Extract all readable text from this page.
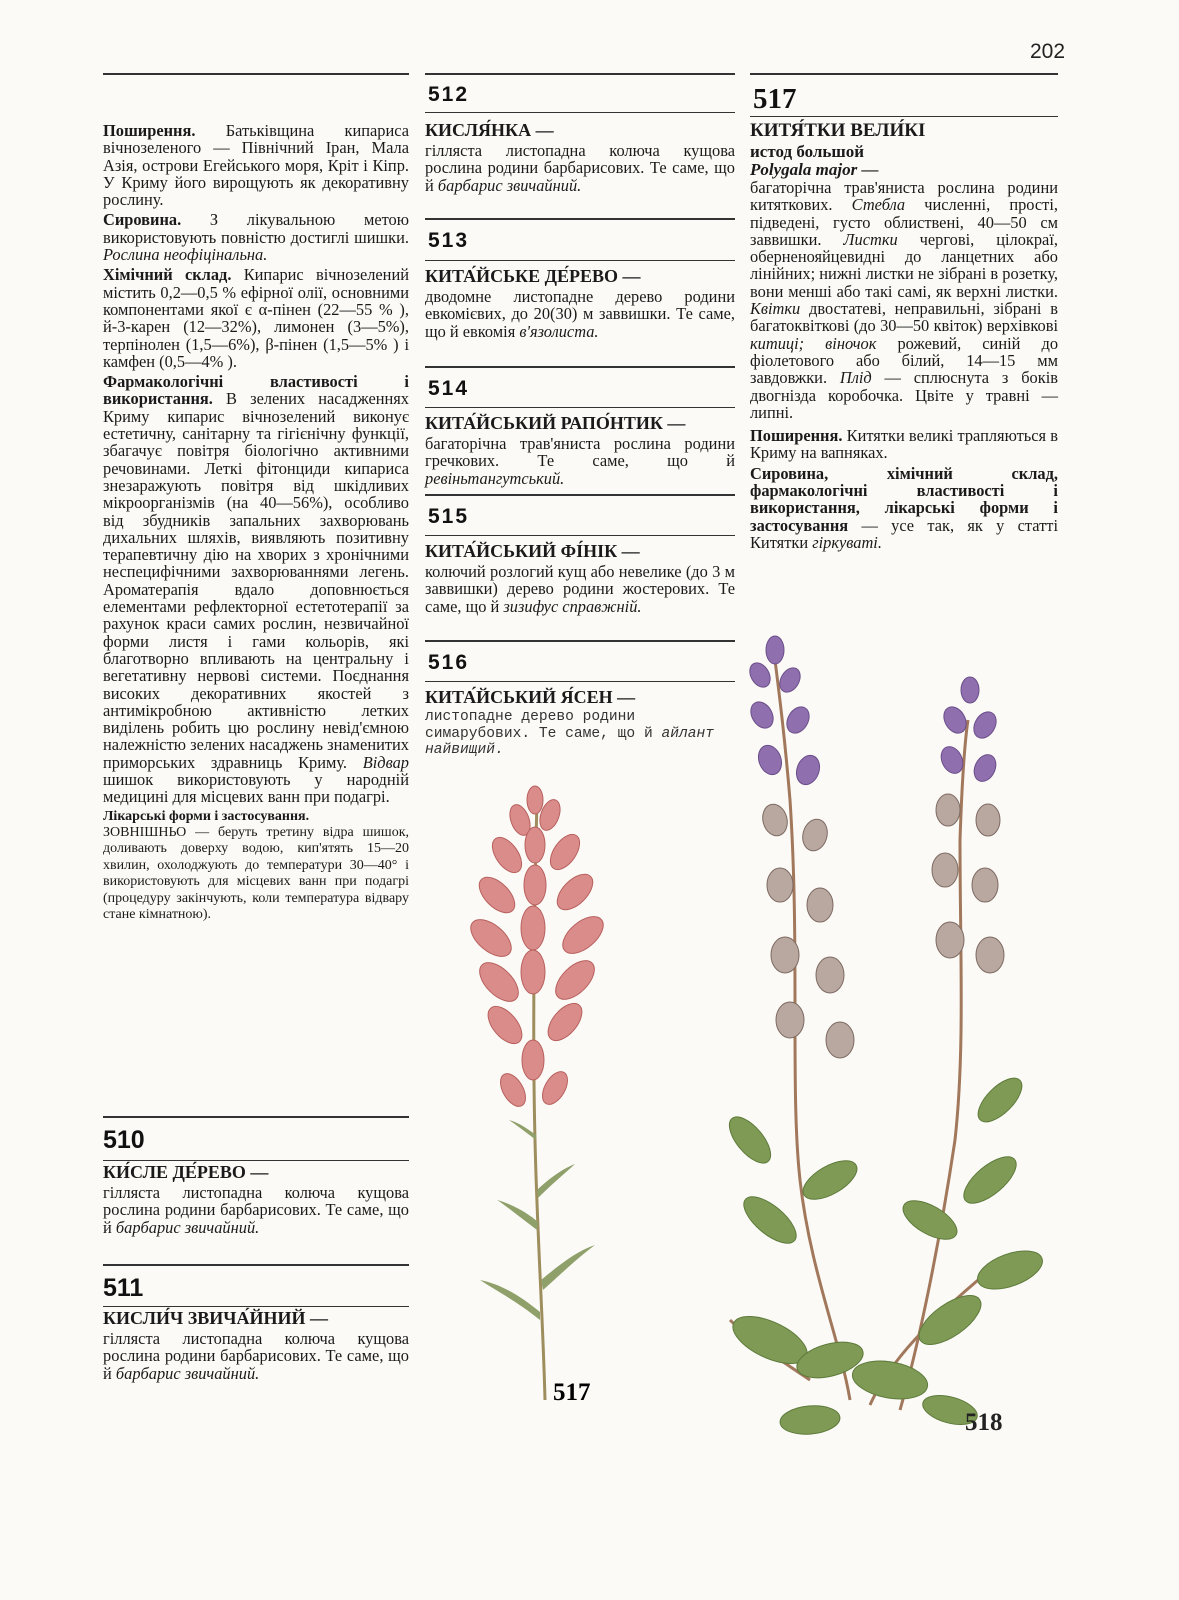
202

Поширення. Батьківщина кипариса вічнозеленого — Північний Іран, Мала Азія, острови Егейського моря, Кріт і Кіпр. У Криму його вирощують як декоративну рослину.

Сировина. З лікувальною метою використовують повністю достиглі шишки. Рослина неофіцінальна.

Хімічний склад. Кипарис вічнозелений містить 0,2—0,5 % ефірної олії, основними компонентами якої є α-пінен (22—55 % ), й-3-карен (12—32%), лимонен (3—5%), терпінолен (1,5—6%), β-пінен (1,5—5% ) і камфен (0,5—4% ).

Фармакологічні властивості і використання. В зелених насадженнях Криму кипарис вічнозелений виконує естетичну, санітарну та гігієнічну функції, збагачує повітря біологічно активними речовинами. Леткі фітонциди кипариса знезаражують повітря від шкідливих мікроорганізмів (на 40—56%), особливо від збудників запальних захворювань дихальних шляхів, виявляють позитивну терапевтичну дію на хворих з хронічними неспецифічними захворюваннями легень. Ароматерапія вдало доповнюється елементами рефлекторної естетотерапії за рахунок краси самих рослин, незвичайної форми листя і гами кольорів, які благотворно впливають на центральну і вегетативну нервові системи. Поєднання високих декоративних якостей з антимікробною активністю летких виділень робить цю рослину невід'ємною належністю зелених насаджень знаменитих приморських здравниць Криму. Відвар шишок використовують у народній медицині для місцевих ванн при подагрі.

Лікарські форми і застосування.
ЗОВНІШНЬО — беруть третину відра шишок, доливають доверху водою, кип'ятять 15—20 хвилин, охолоджують до температури 30—40° і використовують для місцевих ванн при подагрі (процедуру закінчують, коли температура відвару стане кімнатною).

510
КИ́СЛЕ ДЕ́РЕВО —

гілляста листопадна колюча кущова рослина родини барбарисових. Те саме, що й барбарис звичайний.

511
КИСЛИ́Ч ЗВИЧА́ЙНИЙ —

гілляста листопадна колюча кущова рослина родини барбарисових. Те саме, що й барбарис звичайний.

512
КИСЛЯ́НКА —

гілляста листопадна колюча кущова рослина родини барбарисових. Те саме, що й барбарис звичайний.

513
КИТА́ЙСЬКЕ ДЕ́РЕВО —

дводомне листопадне дерево родини евкомієвих, до 20(30) м заввишки. Те саме, що й евкомія в'язолиста.

514
КИТА́ЙСЬКИЙ РАПО́НТИК —

багаторічна трав'яниста рослина родини гречкових. Те саме, що й ревіньтангутський.

515
КИТА́ЙСЬКИЙ ФІ́НІК —

колючий розлогий кущ або невелике (до 3 м заввишки) дерево родини жостерових. Те саме, що й зизифус справжній.

516
КИТА́ЙСЬКИЙ Я́СЕН —

листопадне дерево родини симарубових. Те саме, що й айлант найвищий.

517
КИТЯ́ТКИ ВЕЛИ́КІ
истод большой
Polygala major —

багаторічна трав'яниста рослина родини китяткових. Стебла численні, прості, підведені, густо облиствені, 40—50 см заввишки. Листки чергові, цілокраї, оберненояйцевидні до ланцетних або лінійних; нижні листки не зібрані в розетку, вони менші або такі самі, як верхні листки. Квітки двостатеві, неправильні, зібрані в багатоквіткові (до 30—50 квіток) верхівкові китиці; віночок рожевий, синій до фіолетового або білий, 14—15 мм завдовжки. Плід — сплюснута з боків двогнізда коробочка. Цвіте у травні — липні.

Поширення. Китятки великі трапляються в Криму на вапняках.

Сировина, хімічний склад, фармакологічні властивості і використання, лікарські форми і застосування — усе так, як у статті Китятки гіркуваті.

517
518
